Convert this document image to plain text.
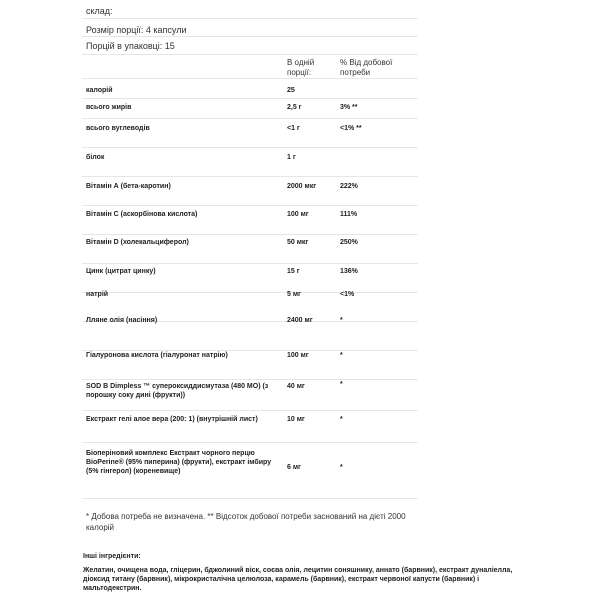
склад:
Розмір порції: 4 капсули
Порцій в упаковці: 15
В одній порції:
% Від добової потреби
калорій	25
всього жирів	2,5 г	3% **
всього вуглеводів	<1 г	<1% **
білок	1 г
Вітамін А (бета-каротин)	2000 мкг	222%
Вітамін C (аскорбінова кислота)	100 мг	111%
Вітамін D (холекальциферол)	50 мкг	250%
Цинк (цитрат цинку)	15 г	136%
натрій	5 мг	<1%
Лляне олія (насіння)	2400 мг	*
Гіалуронова кислота (гіалуронат натрію)	100 мг	*
SOD B Dimpless ™ супероксиддисмутаза (480 МО) (з порошку соку дині (фрукти))
40 мг	*
Екстракт гелі алое вера (200: 1) (внутрішній лист)	10 мг	*
Біоперіновий комплекс Екстракт чорного перцю BioPerine® (95% пиперина) (фрукти), екстракт імбиру (5% гінгерол) (кореневище)
6 мг	*
* Добова потреба не визначена. ** Відсоток добової потреби заснований на дієті 2000 калорій
Інші інгредієнти:
Желатин, очищена вода, гліцерин, бджолиний віск, соєва олія, лецитин соняшнику, аннато (барвник), екстракт дуналіелла, діоксид титану (барвник), мікрокристалічна целюлоза, карамель (барвник), екстракт червоної капусти (барвник) і мальтодекстрин.
